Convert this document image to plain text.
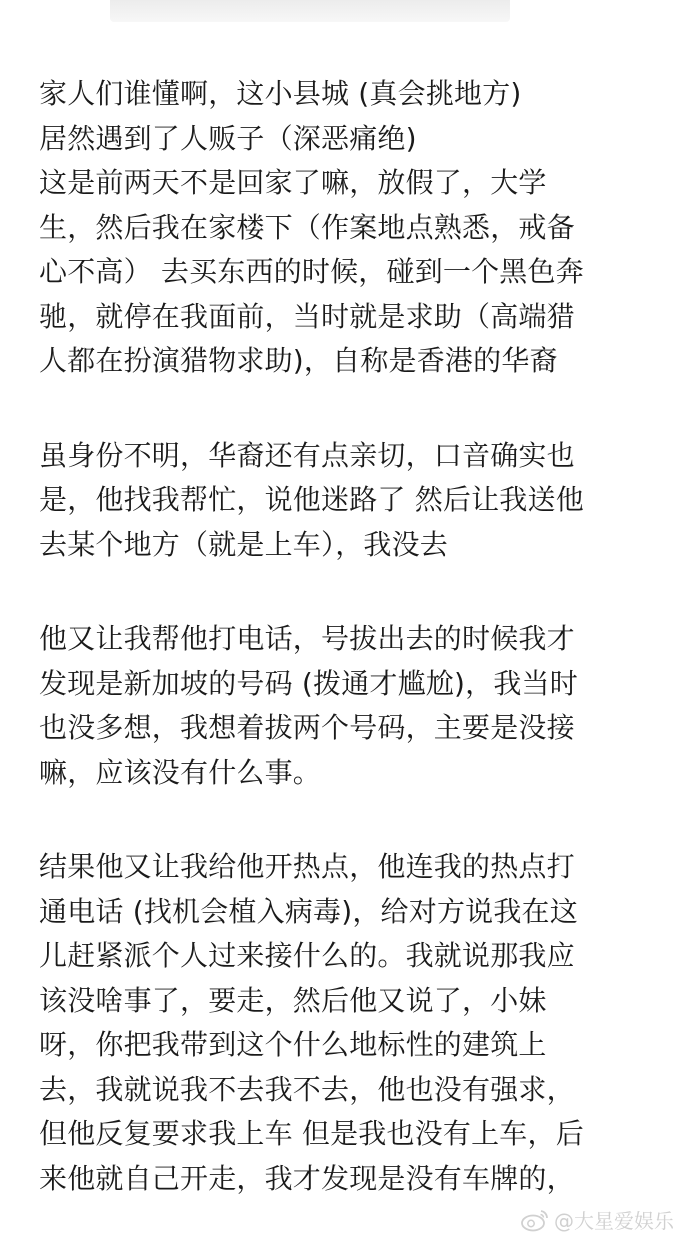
家人们谁懂啊，这小县城 (真会挑地方)
居然遇到了人贩子（深恶痛绝)
这是前两天不是回家了嘛，放假了，大学
生，然后我在家楼下（作案地点熟悉，戒备
心不高） 去买东西的时候，碰到一个黑色奔
驰，就停在我面前，当时就是求助（高端猎
人都在扮演猎物求助)，自称是香港的华裔
虽身份不明，华裔还有点亲切，口音确实也
是，他找我帮忙，说他迷路了 然后让我送他
去某个地方（就是上车），我没去
他又让我帮他打电话，号拔出去的时候我才
发现是新加坡的号码 (拨通才尴尬)，我当时
也没多想，我想着拔两个号码，主要是没接
嘛，应该没有什么事。
结果他又让我给他开热点，他连我的热点打
通电话 (找机会植入病毒)，给对方说我在这
儿赶紧派个人过来接什么的。我就说那我应
该没啥事了，要走，然后他又说了，小妹
呀，你把我带到这个什么地标性的建筑上
去，我就说我不去我不去，他也没有强求，
但他反复要求我上车 但是我也没有上车，后
来他就自己开走，我才发现是没有车牌的，
@大星爱娱乐
